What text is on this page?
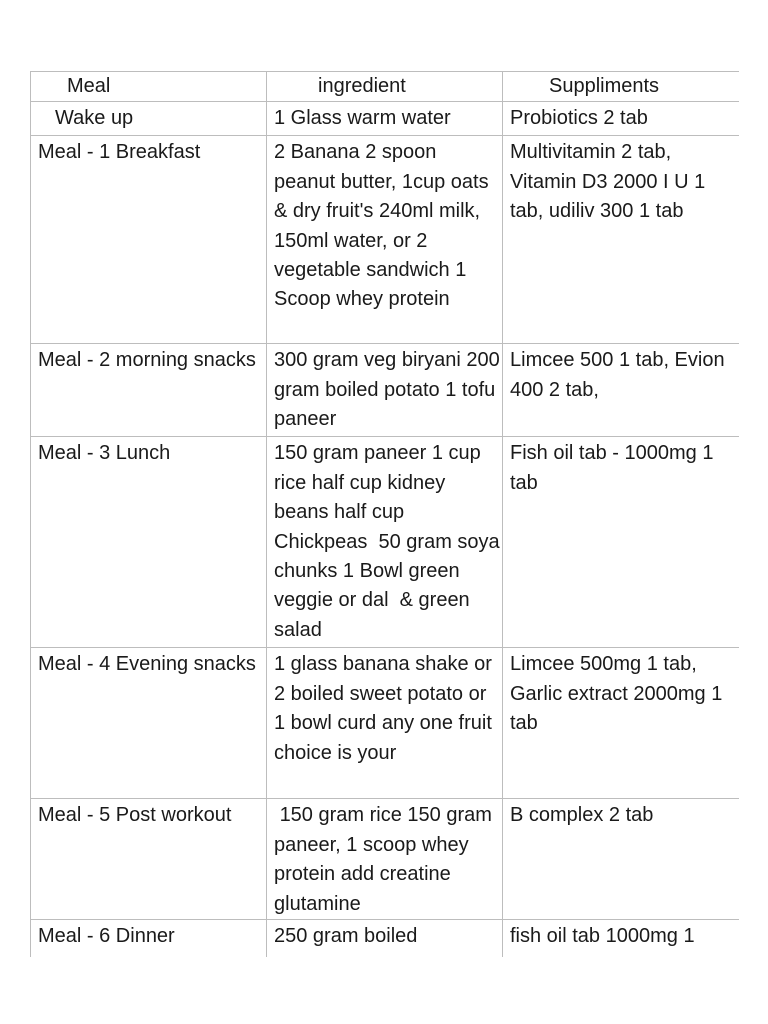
Meal	ingredient	Suppliments
Wake up	1 Glass warm water	Probiotics 2 tab
Meal - 1 Breakfast	2 Banana 2 spoon peanut butter, 1cup oats & dry fruit's 240ml milk, 150ml water, or 2 vegetable sandwich 1 Scoop whey protein	Multivitamin 2 tab, Vitamin D3 2000 I U 1 tab, udiliv 300 1 tab
Meal - 2 morning snacks	300 gram veg biryani 200 gram boiled potato 1 tofu paneer	Limcee 500 1 tab, Evion 400 2 tab,
Meal - 3 Lunch	150 gram paneer 1 cup rice half cup kidney beans half cup Chickpeas  50 gram soya chunks 1 Bowl green veggie or dal  & green salad	Fish oil tab - 1000mg 1 tab
Meal - 4 Evening snacks	1 glass banana shake or 2 boiled sweet potato or 1 bowl curd any one fruit choice is your	Limcee 500mg 1 tab, Garlic extract 2000mg 1 tab
Meal - 5 Post workout	150 gram rice 150 gram paneer, 1 scoop whey protein add creatine glutamine	B complex 2 tab
Meal - 6 Dinner	250 gram boiled	fish oil tab 1000mg 1
